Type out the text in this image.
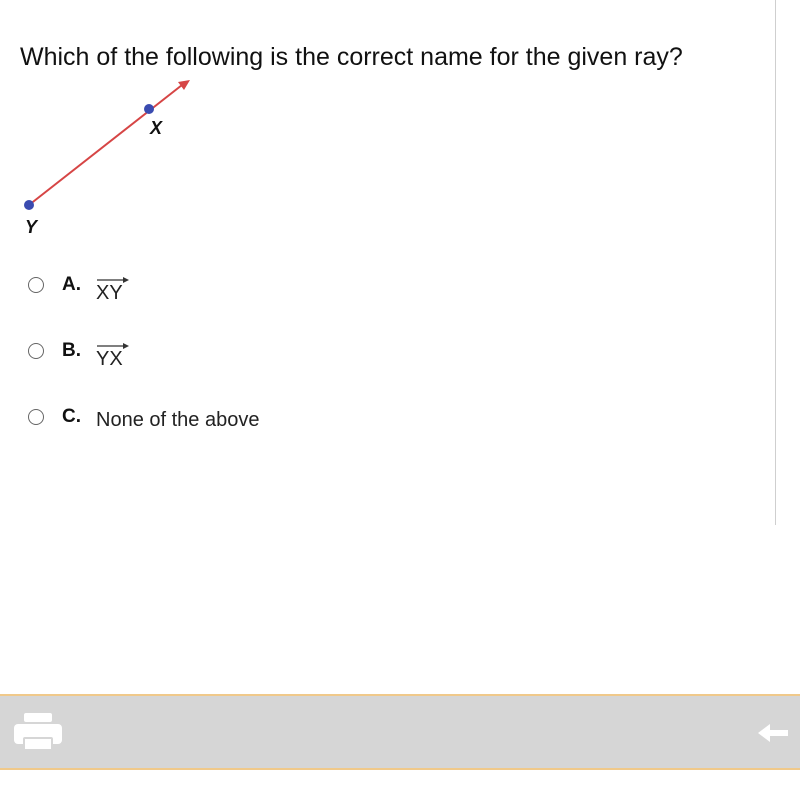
Which of the following is the correct name for the given ray?
X
Y
A. XY
B. YX
C. None of the above
